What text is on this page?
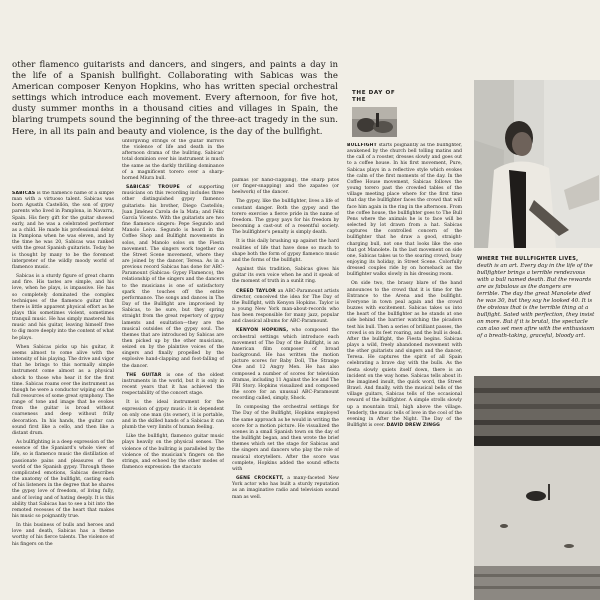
other flamenco guitarists and dancers, and singers, and paints a day in the life of a Spanish bullfight. Collaborating with Sabicas was the American composer Kenyon Hopkins, who has written special orchestral settings which introduce each movement. Every afternoon, for five hot, dusty summer months in a thousand cities and villages in Spain, the blaring trumpets sound the beginning of the three-act tragedy in the sun. Here, in all its pain and beauty and violence, is the day of the bullfight.

SABICAS is the flamenco name of a simple man with a virtuoso talent. Sabicas was born Agustín Castellón, the son of gypsy parents who lived in Pamplona, in Navarra, Spain. His fiery gift for the guitar showed early, and he was a celebrated performer as a child. He made his professional debut in Pamplona when he was eleven, and by the time he was 20, Sabicas was ranked with the great Spanish guitarists. Today he is thought by many to be the foremost interpreter of the wildly moody world of flamenco music.

Sabicas is a sturdy figure of great charm and fire. His tastes are simple, and his love, when he plays, is impassive. He has so completely dominated the complex techniques of the flamenco guitar that there is little apparent physical effort as he plays this sometimes violent, sometimes tranquil music. He has simply mastered his music and his guitar, leaving himself free to dig more deeply into the content of what he plays.

When Sabicas picks up his guitar, it seems almost to come alive with the intensity of his playing. The drive and vigor that he brings to this normally simple instrument come almost as a physical shock to those who hear it for the first time. Sabicas roams over the instrument as though he were a conductor wiping out the full resources of some great symphony. The range of tone and image that he evokes from the guitar is broad without coarseness and deep without frilly decoration. In his hands, the guitar can sound first like a cello, and then like a distant drum.

As bullfighting is a deep expression of the essence of the Spaniard's whole view of life, so is flamenco music the distillation of passionate pains and pleasures of the world of the Spanish gypsy. Through these complicated emotions, Sabicas describes the anatomy of the bullfight, casting each of his listeners in the degree that he shares the gypsy love of freedom, of living fully, and of loving and of hating deeply. It is this ability that Sabicas has to see a bit into the remoted recesses of the heart that makes his music so poignantly true.

In this business of bulls and heroes and love and death, Sabicas has a theme worthy of his fierce talents. The violence of his fingers on the

unforgiving strings of the guitar mirrors the violence of life and death in the afternoon drama of the bullring. Sabicas' total dominion over his instrument is much the same as the darkly thrilling dominance of a magnificent torero over a sharp-horned Miura bull.

SABICAS' TROUPE of supporting musicians on this recording includes three other distinguished gypsy flamenco guitarists: his brother, Diego Castellón; Juan Jiménez Carola de la Mata; and Félix García Vicente. With the guitarists are two fine flamenco singers: Pepe Segundo and Manolo Leiva. Segundo is heard in the Coffee Shop and Bullfight movements in solos, and Manolo solos on the Fiesta movement. The singers work together on the Street Scene movement, where they are joined by the dancer, Teresa. As in a previous record Sabicas has done for ABC-Paramount (Sabicas: Gypsy Flamenco), the relationship of the singers and the dancers to the musicians is one of satisfactory spark the touches off the entire performance. The songs and dances in The Day of the Bullfight are improvised by Sabicas, to be sure, but they spring straight from the great repertory of gypsy laments and exultation—they are the musical outsides of the gypsy soul. The themes that are introduced by Sabicas are then picked up by the other musicians, seized on by the plaintive voices of the singers and finally propelled by the explosive hand-clapping and foot-falling of the dancer.

THE GUITAR is one of the oldest instruments in the world, but it is only in recent years that it has achieved the respectability of the concert stage.

It is the ideal instrument for the expression of gypsy music: it is dependent on only one man (its owner), it is portable, and in the skilled hands of a Sabicas it can plumb the very limits of human feeling.

Like the bullfight, flamenco guitar music plays heavily on the physical senses. The violence of the bullring is paralleled by the violence of the musician's fingers on the strings, and echoed by the other modes of flamenco expression: the staccato

palmas (or hand-clapping), the sharp pitos (or finger-snapping) and the zapateo (or heelwork) of the dancer.

The gypsy, like the bullfighter, lives a life of constant danger. Both the gypsy and the torero exercise a fierce pride in the name of freedom. The gypsy pays for his freedom by becoming a cast-out of a resentful society. The bullfighter's penalty is simply death.

It is this daily brushing up against the hard realities of life that have done so much to shape both the form of gypsy flamenco music and the forms of the bullfight.

Against this tradition, Sabicas gives his guitar its own voice when he and it speak of the moment of truth in a sunlit ring.

CREED TAYLOR an ABC-Paramount artists director, conceived the idea for The Day of the Bullfight, with Kenyon Hopkins. Taylor is a young New York man-about-records who has been responsible for many jazz, popular and classical albums for ABC-Paramount.

KENYON HOPKINS, who composed the orchestral settings which introduce each movement of The Day of the Bullfight, is an American film composer of broad background. He has written the motion picture scores for Baby Doll, The Strange One and 12 Angry Men. He has also composed a number of scores for television dramas, including 11 Against the Ice and The FBI Story. Hopkins visualized and composed the score for an unusual ABC-Paramount recording called, simply, Shock.

In composing the orchestral settings for The Day of the Bullfight, Hopkins employed the same approach as he would in writing the score for a motion picture. He visualized the scenes in a small Spanish town on the day of the bullfight began, and then wrote the brief themes which set the stage for Sabicas and the singers and dancers who play the role of musical storytellers. After the score was complete, Hopkins added the sound effects with

GENE CROCKETT, a many-faceted New York actor who has built a sturdy reputation as an imaginative radio and television sound man as well.

THE DAY OF
THE

BULLFIGHT starts poignantly as the bullfighter, awakened by the church bell tolling matins and the call of a rooster, dresses slowly and goes out to a coffee house. In his first movement, Pure, Sabicas plays in a reflective style which evokes the calm of the first moments of the day. In the Coffee House movement, Sabicas follows the young torero past the crowded tables of the village meeting place where for the first time that day the bullfighter faces the crowd that will face him again in the ring in the afternoon. From the coffee house, the bullfighter goes to The Bull Pens where the animals he is to face will be selected by lot drawn from a hat. Sabicas captures the controlled concern of the bullfighter that he draw a good, straight-charging bull, not one that looks like the one that got Manolete. In the last movement on side one, Sabicas takes us to the soaring crowd, busy enjoying its holiday, in Street Scene. Colorfully dressed couples ride by on horseback as the bullfighter walks slowly in his dressing room.

On side two, the brassy blare of the band announces to the crowd that it is time for the Entrance to the Arena and the bullfight. Everyone in town peal again and the crowd buzzes with excitement. Sabicas takes us into the heart of the bullfighter as he stands at one side behind the barrier watching the picadors test his bull. Then a series of brilliant passes, the crowd is on its feet roaring, and the bull is dead. After the bullfight, the Fiesta begins. Sabicas plays a wild, freely abandoned movement with the other guitarists and singers and the dancer, Teresa. He captures the spirit of all Spain celebrating a brave day with the bulls. As the fiesta slowly quiets itself down, there is an incident on the way home. Sabicas tells about it: the imagined insult, the quick word, the Street Brawl. And finally, with the musical bells of the village guitars, Sabicas tells of the occasional reward of the bullfighter. A simple strolls slowly up a mountain trail, high above the village. Tenderly, the music tells of love in the cool of the evening in After the Night. The Day of the Bullfight is over. DAVID DREW ZINGG

WHERE THE BULLFIGHTER LIVES, death is an art. Every day in the life of the bullfighter brings a terrible rendezvous with a bull named death. But the rewards are as fabulous as the dangers are terrible. The day the great Manolete died he was 30, but they say he looked 40. It is the obvious that is the terrible thing at a bullfight. Sated with perfection, they insist on more. But if it is brutal, the spectacle can also set men afire with the enthusiasm of a breath-taking, graceful, bloody art.
